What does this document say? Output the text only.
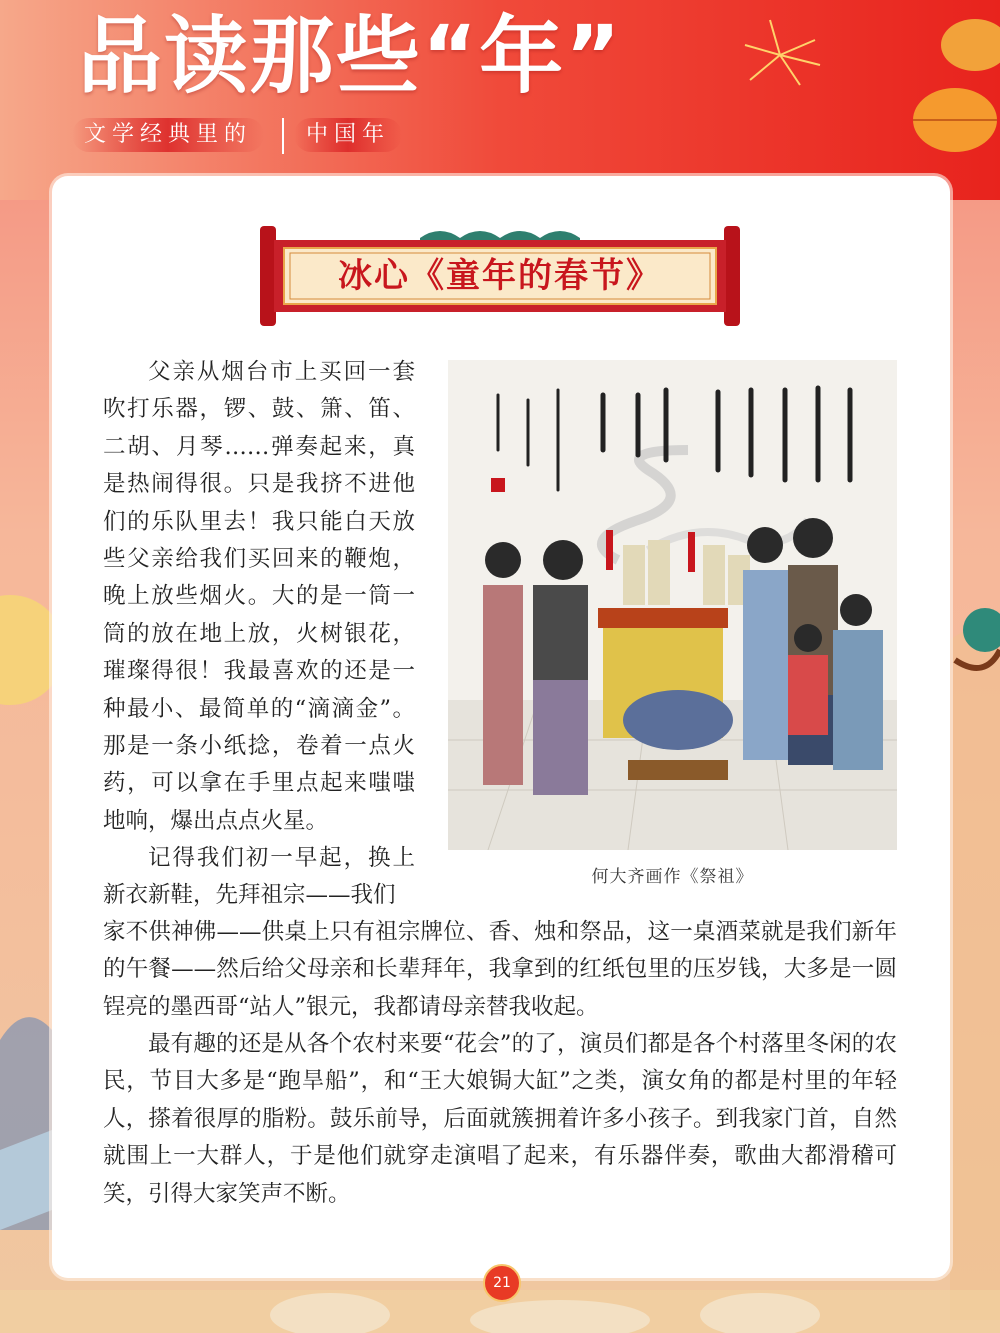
品读那些“年”
文学经典里的	中国年
冰心《童年的春节》

父亲从烟台市上买回一套吹打乐器，锣、鼓、箫、笛、二胡、月琴……弹奏起来，真是热闹得很。只是我挤不进他们的乐队里去！我只能白天放些父亲给我们买回来的鞭炮，晚上放些烟火。大的是一筒一筒的放在地上放，火树银花，璀璨得很！我最喜欢的还是一种最小、最简单的“滴滴金”。那是一条小纸捻，卷着一点火药，可以拿在手里点起来嗤嗤地响，爆出点点火星。

记得我们初一早起，换上新衣新鞋，先拜祖宗——我们

家不供神佛——供桌上只有祖宗牌位、香、烛和祭品，这一桌酒菜就是我们新年的午餐——然后给父母亲和长辈拜年，我拿到的红纸包里的压岁钱，大多是一圆锃亮的墨西哥“站人”银元，我都请母亲替我收起。

最有趣的还是从各个农村来要“花会”的了，演员们都是各个村落里冬闲的农民，节目大多是“跑旱船”，和“王大娘锔大缸”之类，演女角的都是村里的年轻人，搽着很厚的脂粉。鼓乐前导，后面就簇拥着许多小孩子。到我家门首，自然就围上一大群人，于是他们就穿走演唱了起来，有乐器伴奏，歌曲大都滑稽可笑，引得大家笑声不断。

何大齐画作《祭祖》
21
